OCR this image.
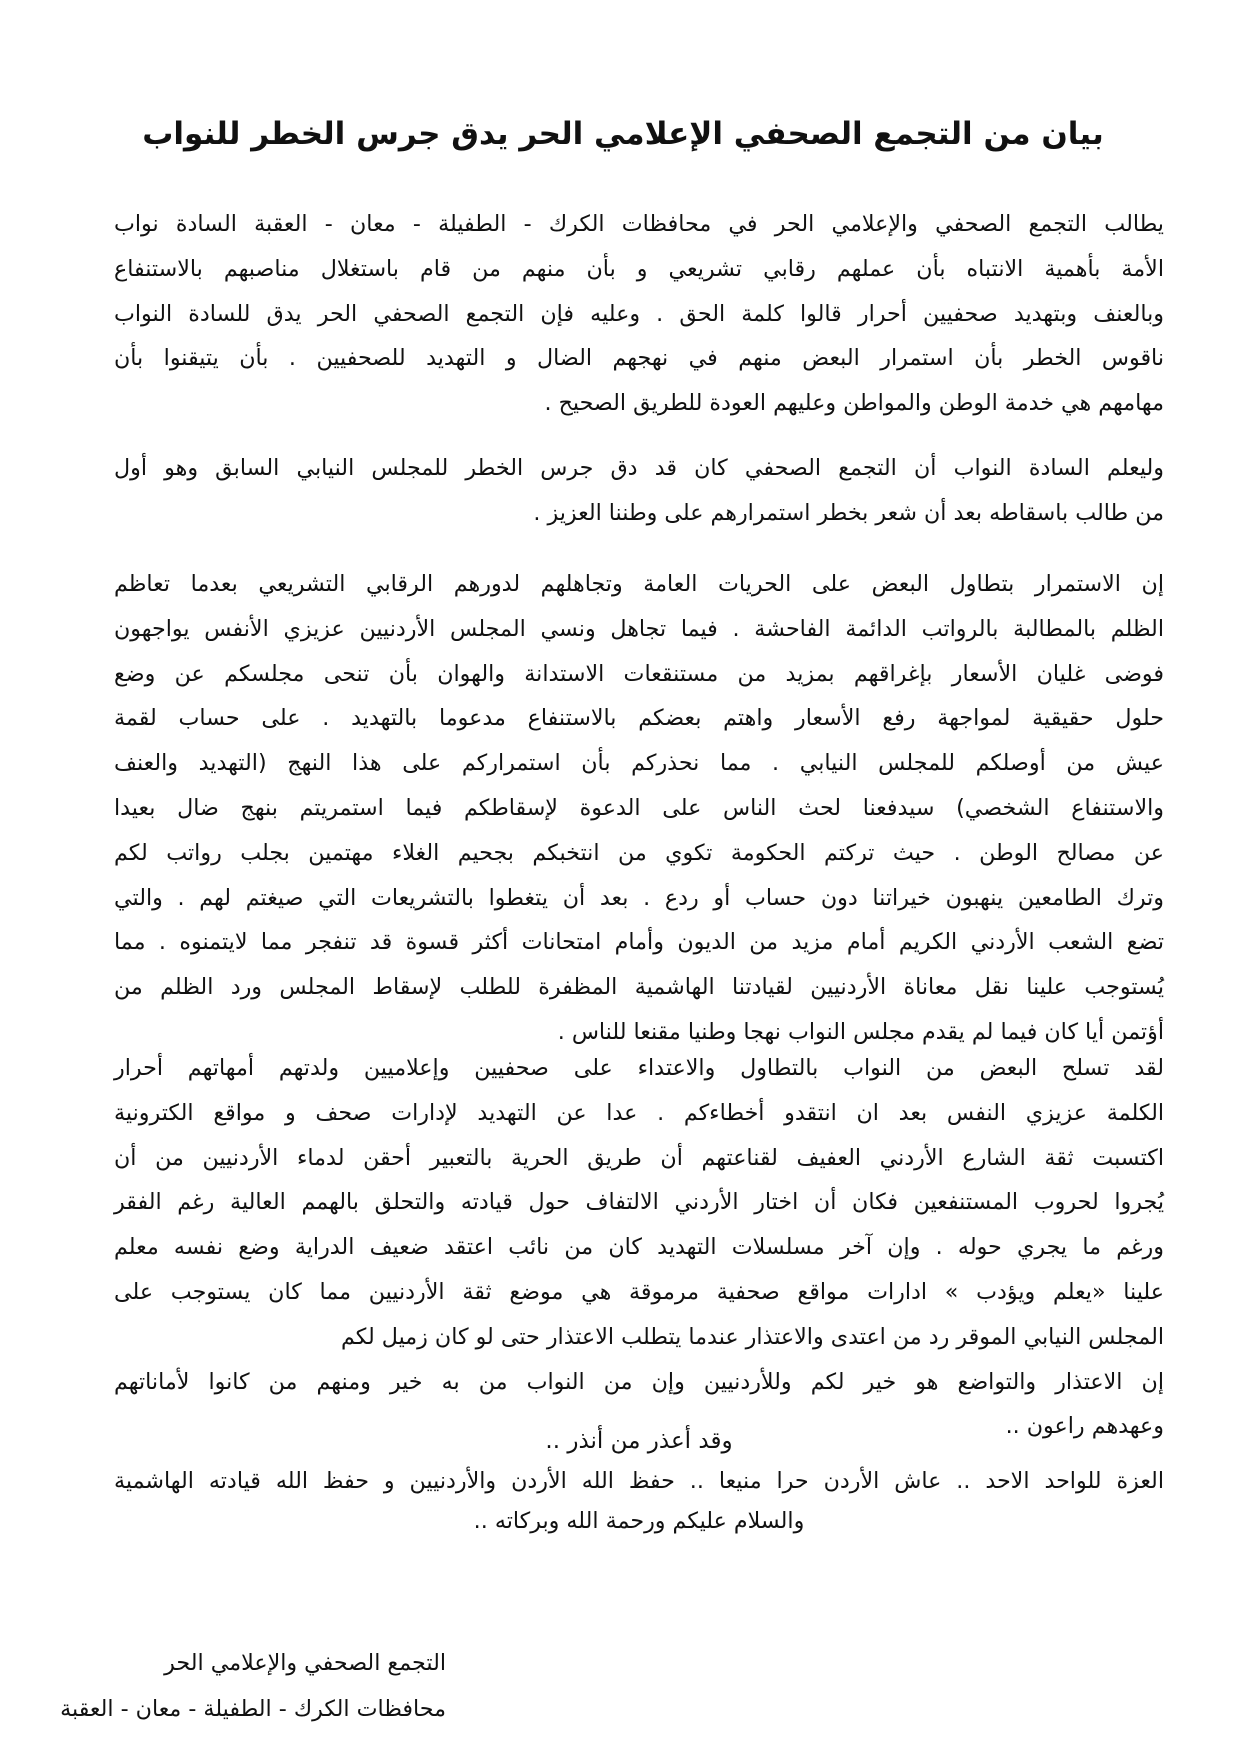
بيان من التجمع الصحفي الإعلامي الحر يدق جرس الخطر للنواب
يطالب التجمع الصحفي والإعلامي الحر في محافظات الكرك - الطفيلة - معان - العقبة السادة نواب
الأمة بأهمية الانتباه بأن عملهم رقابي تشريعي و بأن منهم من قام باستغلال مناصبهم بالاستنفاع
وبالعنف وبتهديد صحفيين أحرار قالوا كلمة الحق . وعليه فإن التجمع الصحفي الحر يدق للسادة النواب
ناقوس الخطر بأن استمرار البعض منهم في نهجهم الضال و التهديد للصحفيين . بأن يتيقنوا بأن
مهامهم هي خدمة الوطن والمواطن وعليهم العودة للطريق الصحيح .
وليعلم السادة النواب أن التجمع الصحفي كان قد دق جرس الخطر للمجلس النيابي السابق وهو أول
من طالب باسقاطه بعد أن شعر بخطر استمرارهم على وطننا العزيز .
إن الاستمرار بتطاول البعض على الحريات العامة وتجاهلهم لدورهم الرقابي التشريعي بعدما تعاظم
الظلم بالمطالبة بالرواتب الدائمة الفاحشة . فيما تجاهل ونسي المجلس الأردنيين عزيزي الأنفس يواجهون
فوضى غليان الأسعار بإغراقهم بمزيد من مستنقعات الاستدانة والهوان بأن تنحى مجلسكم عن وضع
حلول حقيقية لمواجهة رفع الأسعار واهتم بعضكم بالاستنفاع مدعوما بالتهديد . على حساب لقمة
عيش من أوصلكم للمجلس النيابي . مما نحذركم بأن استمراركم على هذا النهج (التهديد والعنف
والاستنفاع الشخصي) سيدفعنا لحث الناس على الدعوة لإسقاطكم فيما استمريتم بنهج ضال بعيدا
عن مصالح الوطن . حيث تركتم الحكومة تكوي من انتخبكم بجحيم الغلاء مهتمين بجلب رواتب لكم
وترك الطامعين ينهبون خيراتنا دون حساب أو ردع . بعد أن يتغطوا بالتشريعات التي صيغتم لهم . والتي
تضع الشعب الأردني الكريم أمام مزيد من الديون وأمام امتحانات أكثر قسوة قد تنفجر مما لايتمنوه . مما
يُستوجب علينا نقل معاناة الأردنيين لقيادتنا الهاشمية المظفرة للطلب لإسقاط المجلس ورد الظلم من
أؤتمن أيا كان فيما لم يقدم مجلس النواب نهجا وطنيا مقنعا للناس .
لقد تسلح البعض من النواب بالتطاول والاعتداء على صحفيين وإعلاميين ولدتهم أمهاتهم أحرار
الكلمة عزيزي النفس بعد ان انتقدو أخطاءكم . عدا عن التهديد لإدارات صحف و مواقع الكترونية
اكتسبت ثقة الشارع الأردني العفيف لقناعتهم أن طريق الحرية بالتعبير أحقن لدماء الأردنيين من أن
يُجروا لحروب المستنفعين فكان أن اختار الأردني الالتفاف حول قيادته والتحلق بالهمم العالية رغم الفقر
ورغم ما يجري حوله . وإن آخر مسلسلات التهديد كان من نائب اعتقد ضعيف الدراية وضع نفسه معلم
علينا «يعلم ويؤدب » ادارات مواقع صحفية مرموقة هي موضع ثقة الأردنيين مما كان يستوجب على
المجلس النيابي الموقر رد من اعتدى والاعتذار عندما يتطلب الاعتذار حتى لو كان زميل لكم
إن الاعتذار والتواضع هو خير لكم وللأردنيين وإن من النواب من به خير ومنهم من كانوا لأماناتهم
وعهدهم راعون ..
وقد أعذر من أنذر ..
العزة للواحد الاحد .. عاش الأردن حرا منيعا .. حفظ الله الأردن والأردنيين و حفظ الله قيادته الهاشمية
والسلام عليكم ورحمة الله وبركاته ..
التجمع الصحفي والإعلامي الحر
محافظات الكرك - الطفيلة - معان - العقبة
